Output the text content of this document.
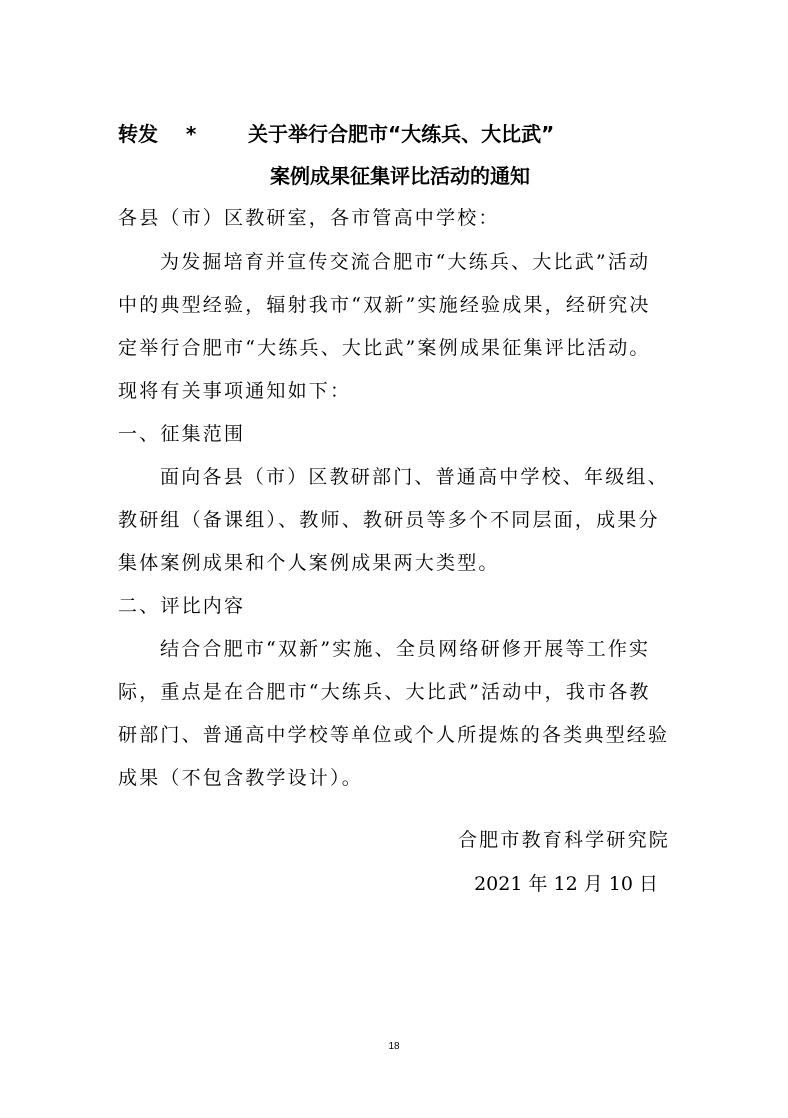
转发 *	关于举行合肥市“大练兵、大比武”
案例成果征集评比活动的通知
各县（市）区教研室，各市管高中学校：
为发掘培育并宣传交流合肥市“大练兵、大比武”活动
中的典型经验，辐射我市“双新”实施经验成果，经研究决
定举行合肥市“大练兵、大比武”案例成果征集评比活动。
现将有关事项通知如下：
一、征集范围
面向各县（市）区教研部门、普通高中学校、年级组、
教研组（备课组）、教师、教研员等多个不同层面，成果分
集体案例成果和个人案例成果两大类型。
二、评比内容
结合合肥市“双新”实施、全员网络研修开展等工作实
际，重点是在合肥市“大练兵、大比武”活动中，我市各教
研部门、普通高中学校等单位或个人所提炼的各类典型经验
成果（不包含教学设计）。
合肥市教育科学研究院
2021 年 12 月 10 日
18
